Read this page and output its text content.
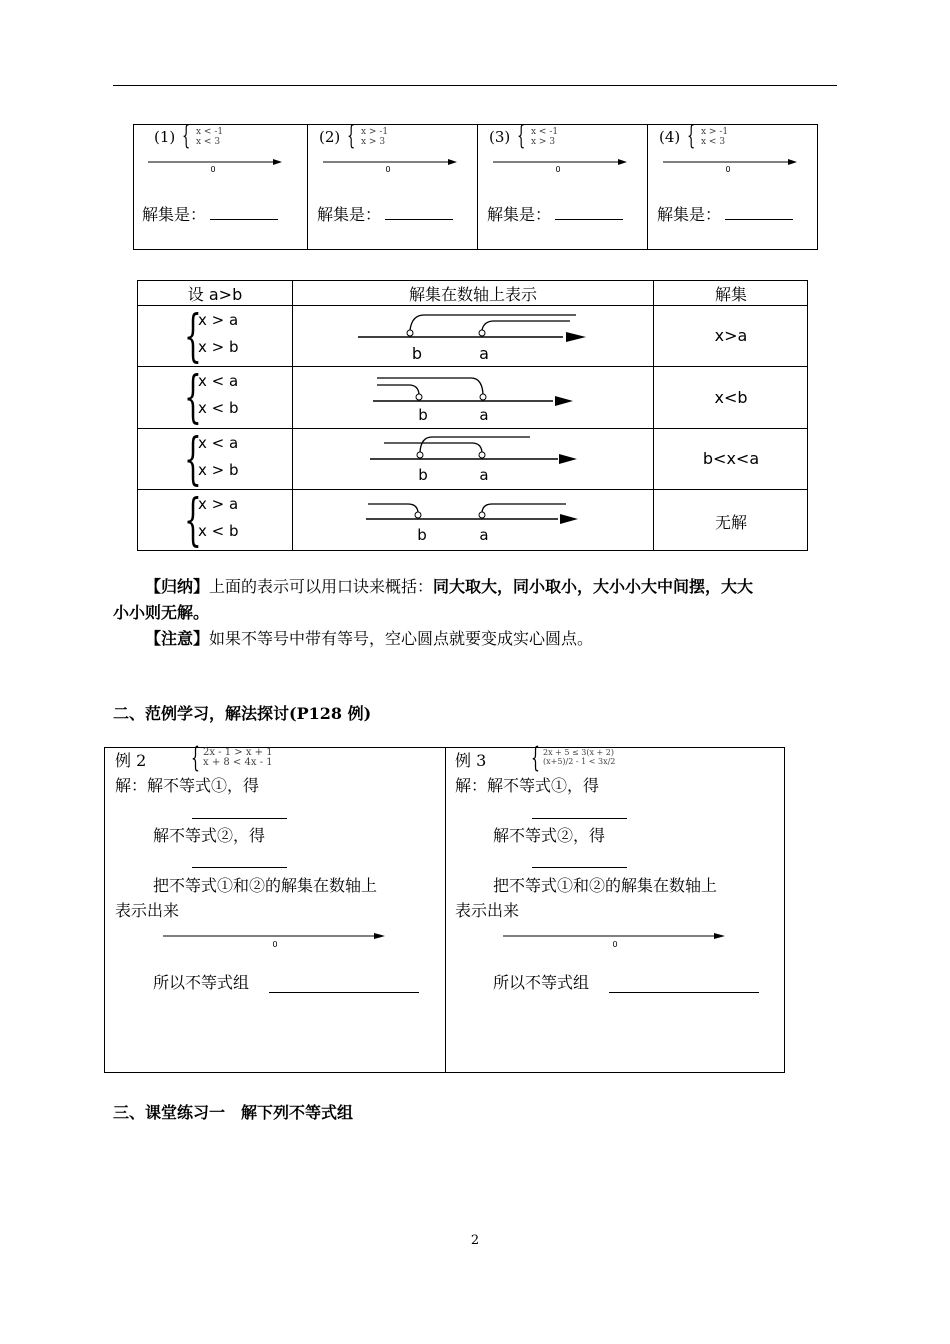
(1) { x < -1
x < 3
0
解集是：
(2) { x > -1
x > 3
0
解集是：
(3) { x < -1
x > 3
0
解集是：
(4) { x > -1
x < 3
0
解集是：
设 a>b	解集在数轴上表示	解集
{
x > a
x > b	b	a
x>a
{
x < a
x < b	b	a
x<b
{
x < a
x > b	b	a
b<x<a
{
x > a
x < b	b	a
无解
【归纳】上面的表示可以用口诀来概括：同大取大，同小取小，大小小大中间摆，大大
小小则无解。
【注意】如果不等号中带有等号，空心圆点就要变成实心圆点。
二、范例学习，解法探讨(P128 例)
例 2 { 2x - 1 > x + 1
x + 8 < 4x - 1
解：解不等式①，得
解不等式②，得
把不等式①和②的解集在数轴上
表示出来
0
所以不等式组
例 3 { 2x + 5 ≤ 3(x + 2)
(x+5)/2 - 1 < 3x/2
解：解不等式①，得
解不等式②，得
把不等式①和②的解集在数轴上
表示出来
0
所以不等式组
三、课堂练习一　解下列不等式组
2
